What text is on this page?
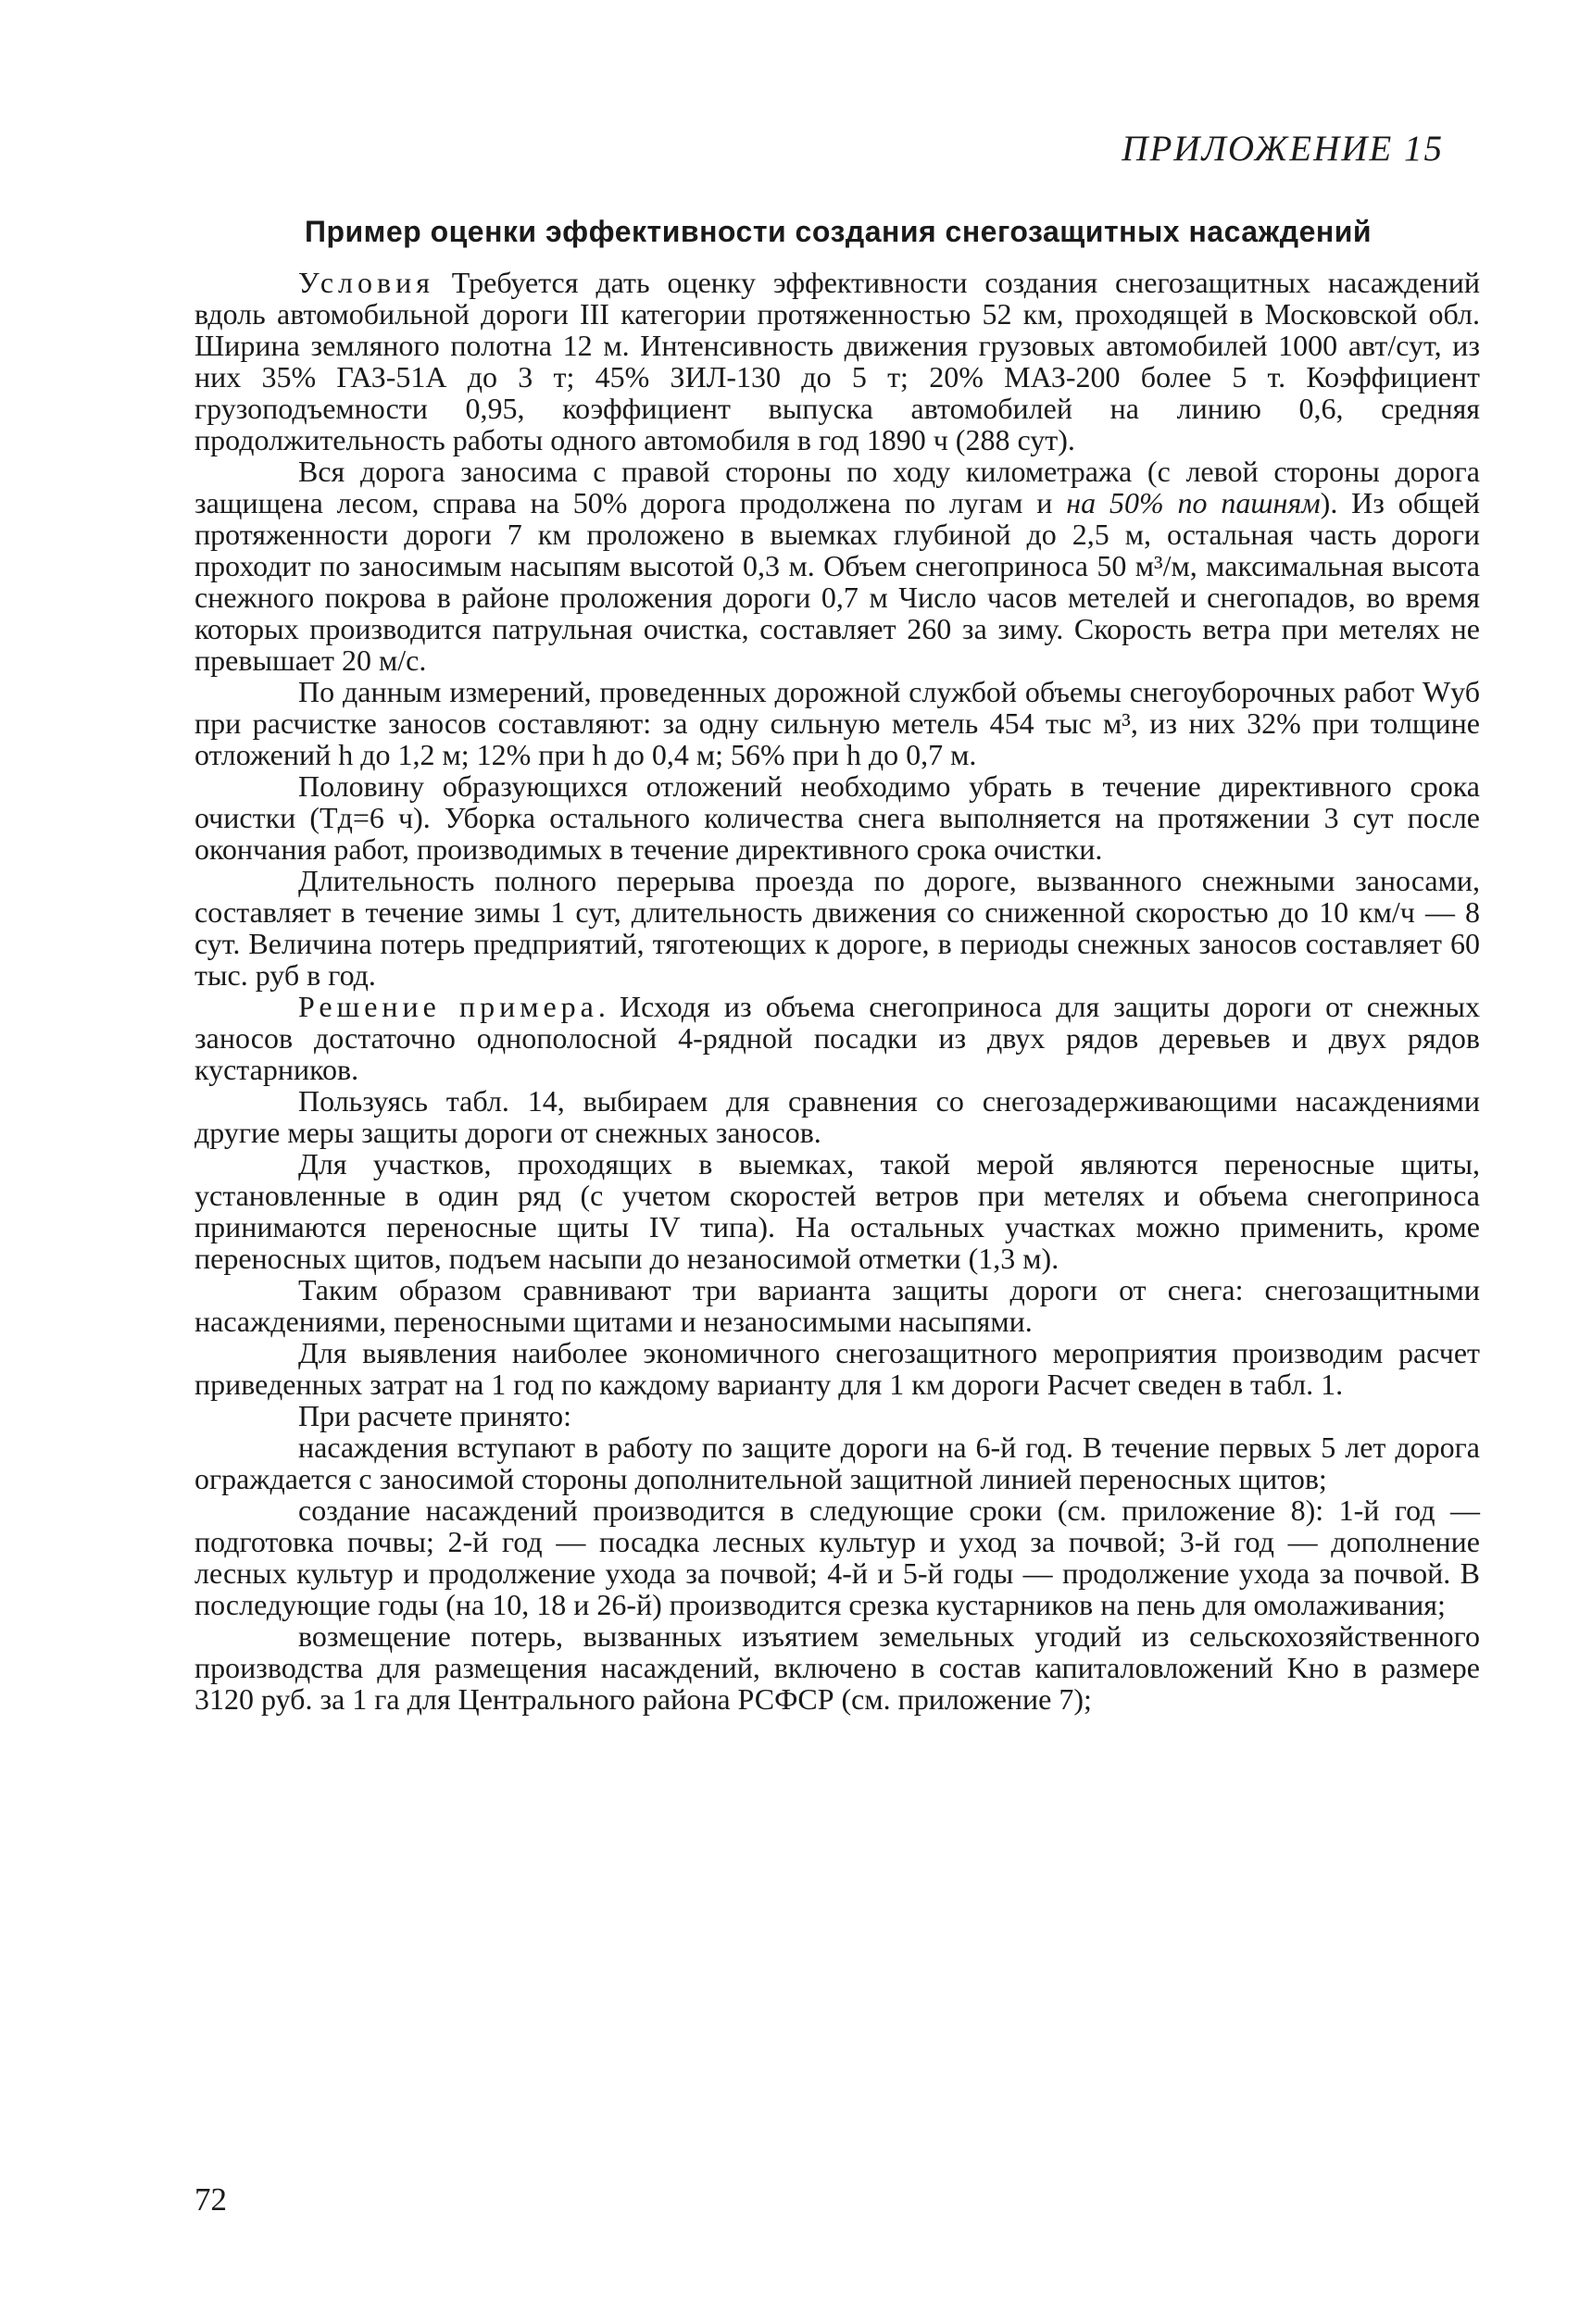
ПРИЛОЖЕНИЕ 15
Пример оценки эффективности создания снегозащитных насаждений

Условия Требуется дать оценку эффективности создания снегозащитных насаждений вдоль автомобильной дороги III категории протяженностью 52 км, проходящей в Московской обл. Ширина земляного полотна 12 м. Интенсивность движения грузовых автомобилей 1000 авт/сут, из них 35% ГАЗ-51А до 3 т; 45% ЗИЛ-130 до 5 т; 20% МАЗ-200 более 5 т. Коэффициент грузоподъемности 0,95, коэффициент выпуска автомобилей на линию 0,6, средняя продолжительность работы одного автомобиля в год 1890 ч (288 сут).

Вся дорога заносима с правой стороны по ходу километража (с левой стороны дорога защищена лесом, справа на 50% дорога продолжена по лугам и на 50% по пашням). Из общей протяженности дороги 7 км проложено в выемках глубиной до 2,5 м, остальная часть дороги проходит по заносимым насыпям высотой 0,3 м. Объем снегоприноса 50 м³/м, максимальная высота снежного покрова в районе проложения дороги 0,7 м Число часов метелей и снегопадов, во время которых производится патрульная очистка, составляет 260 за зиму. Скорость ветра при метелях не превышает 20 м/с.

По данным измерений, проведенных дорожной службой объемы снегоуборочных работ Wуб при расчистке заносов составляют: за одну сильную метель 454 тыс м³, из них 32% при толщине отложений h до 1,2 м; 12% при h до 0,4 м; 56% при h до 0,7 м.

Половину образующихся отложений необходимо убрать в течение директивного срока очистки (Tд=6 ч). Уборка остального количества снега выполняется на протяжении 3 сут после окончания работ, производимых в течение директивного срока очистки.

Длительность полного перерыва проезда по дороге, вызванного снежными заносами, составляет в течение зимы 1 сут, длительность движения со сниженной скоростью до 10 км/ч — 8 сут. Величина потерь предприятий, тяготеющих к дороге, в периоды снежных заносов составляет 60 тыс. руб в год.

Решение примера. Исходя из объема снегоприноса для защиты дороги от снежных заносов достаточно однополосной 4-рядной посадки из двух рядов деревьев и двух рядов кустарников.

Пользуясь табл. 14, выбираем для сравнения со снегозадерживающими насаждениями другие меры защиты дороги от снежных заносов.

Для участков, проходящих в выемках, такой мерой являются переносные щиты, установленные в один ряд (с учетом скоростей ветров при метелях и объема снегоприноса принимаются переносные щиты IV типа). На остальных участках можно применить, кроме переносных щитов, подъем насыпи до незаносимой отметки (1,3 м).

Таким образом сравнивают три варианта защиты дороги от снега: снегозащитными насаждениями, переносными щитами и незаносимыми насыпями.

Для выявления наиболее экономичного снегозащитного мероприятия производим расчет приведенных затрат на 1 год по каждому варианту для 1 км дороги Расчет сведен в табл. 1.

При расчете принято:

насаждения вступают в работу по защите дороги на 6-й год. В течение первых 5 лет дорога ограждается с заносимой стороны дополнительной защитной линией переносных щитов;

создание насаждений производится в следующие сроки (см. приложение 8): 1-й год — подготовка почвы; 2-й год — посадка лесных культур и уход за почвой; 3-й год — дополнение лесных культур и продолжение ухода за почвой; 4-й и 5-й годы — продолжение ухода за почвой. В последующие годы (на 10, 18 и 26-й) производится срезка кустарников на пень для омолаживания;

возмещение потерь, вызванных изъятием земельных угодий из сельскохозяйственного производства для размещения насаждений, включено в состав капиталовложений Kно в размере 3120 руб. за 1 га для Центрального района РСФСР (см. приложение 7);

72
